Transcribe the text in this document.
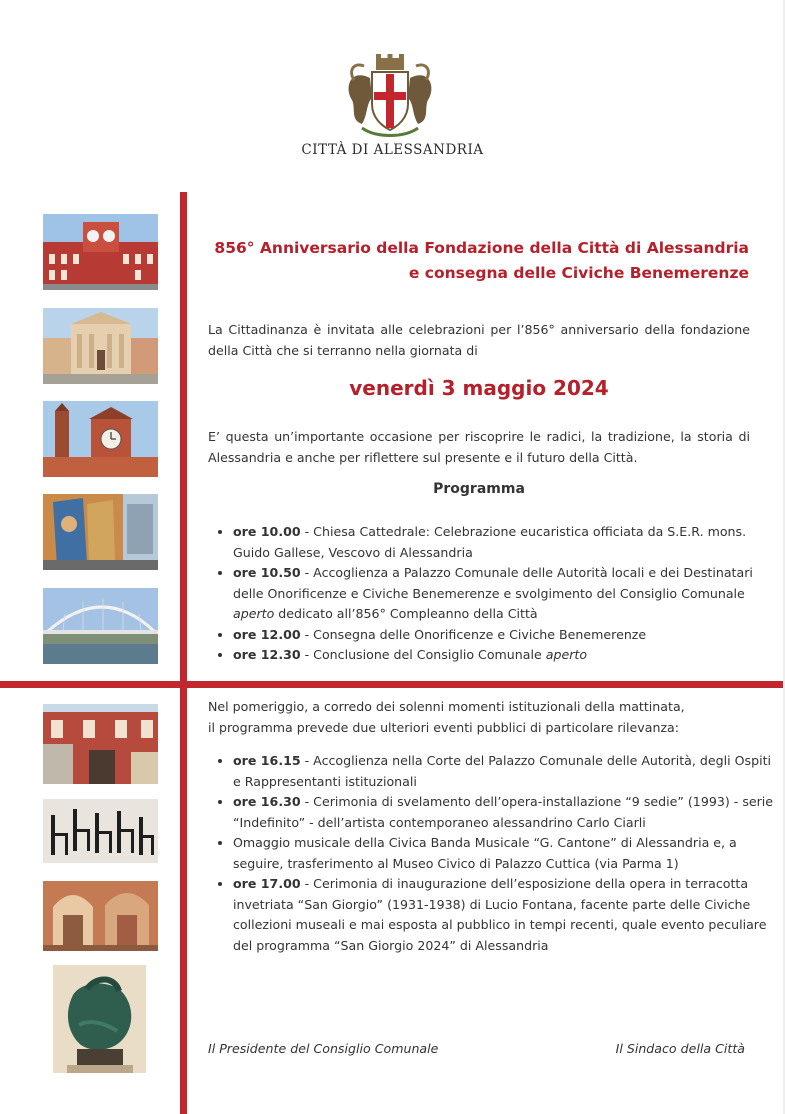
CITTÀ DI ALESSANDRIA
856° Anniversario della Fondazione della Città di Alessandria
e consegna delle Civiche Benemerenze
La Cittadinanza è invitata alle celebrazioni per l’856° anniversario della fondazione della Città che si terranno nella giornata di
venerdì 3 maggio 2024
E’ questa un’importante occasione per riscoprire le radici, la tradizione, la storia di Alessandria e anche per riflettere sul presente e il futuro della Città.
Programma
• ore 10.00 - Chiesa Cattedrale: Celebrazione eucaristica officiata da S.E.R. mons. Guido Gallese, Vescovo di Alessandria
• ore 10.50 - Accoglienza a Palazzo Comunale delle Autorità locali e dei Destinatari delle Onorificenze e Civiche Benemerenze e svolgimento del Consiglio Comunale aperto dedicato all’856° Compleanno della Città
• ore 12.00 - Consegna delle Onorificenze e Civiche Benemerenze
• ore 12.30 - Conclusione del Consiglio Comunale aperto
Nel pomeriggio, a corredo dei solenni momenti istituzionali della mattinata,
il programma prevede due ulteriori eventi pubblici di particolare rilevanza:
• ore 16.15 - Accoglienza nella Corte del Palazzo Comunale delle Autorità, degli Ospiti e Rappresentanti istituzionali
• ore 16.30 - Cerimonia di svelamento dell’opera-installazione “9 sedie” (1993) - serie “Indefinito” - dell’artista contemporaneo alessandrino Carlo Ciarli
• Omaggio musicale della Civica Banda Musicale “G. Cantone” di Alessandria e, a seguire, trasferimento al Museo Civico di Palazzo Cuttica (via Parma 1)
• ore 17.00 - Cerimonia di inaugurazione dell’esposizione della opera in terracotta invetriata “San Giorgio” (1931-1938) di Lucio Fontana, facente parte delle Civiche collezioni museali e mai esposta al pubblico in tempi recenti, quale evento peculiare del programma “San Giorgio 2024” di Alessandria
Il Presidente del Consiglio Comunale	Il Sindaco della Città
